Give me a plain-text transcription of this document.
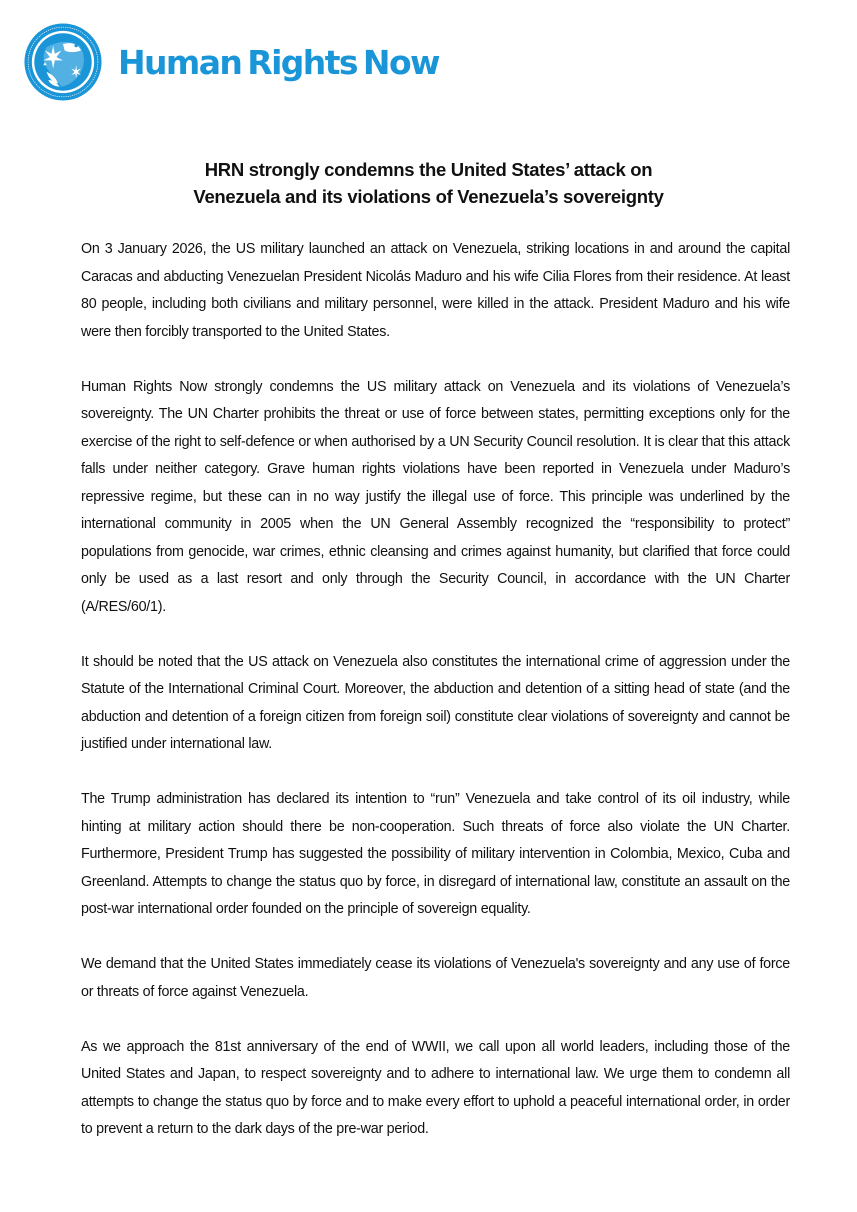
Human Rights Now
HRN strongly condemns the United States’ attack on
Venezuela and its violations of Venezuela’s sovereignty

On 3 January 2026, the US military launched an attack on Venezuela, striking locations in and around the capital Caracas and abducting Venezuelan President Nicolás Maduro and his wife Cilia Flores from their residence. At least 80 people, including both civilians and military personnel, were killed in the attack. President Maduro and his wife were then forcibly transported to the United States.

Human Rights Now strongly condemns the US military attack on Venezuela and its violations of Venezuela’s sovereignty. The UN Charter prohibits the threat or use of force between states, permitting exceptions only for the exercise of the right to self-defence or when authorised by a UN Security Council resolution. It is clear that this attack falls under neither category. Grave human rights violations have been reported in Venezuela under Maduro’s repressive regime, but these can in no way justify the illegal use of force. This principle was underlined by the international community in 2005 when the UN General Assembly recognized the “responsibility to protect” populations from genocide, war crimes, ethnic cleansing and crimes against humanity, but clarified that force could only be used as a last resort and only through the Security Council, in accordance with the UN Charter (A/RES/60/1).

It should be noted that the US attack on Venezuela also constitutes the international crime of aggression under the Statute of the International Criminal Court. Moreover, the abduction and detention of a sitting head of state (and the abduction and detention of a foreign citizen from foreign soil) constitute clear violations of sovereignty and cannot be justified under international law.

The Trump administration has declared its intention to “run” Venezuela and take control of its oil industry, while hinting at military action should there be non-cooperation. Such threats of force also violate the UN Charter. Furthermore, President Trump has suggested the possibility of military intervention in Colombia, Mexico, Cuba and Greenland. Attempts to change the status quo by force, in disregard of international law, constitute an assault on the post-war international order founded on the principle of sovereign equality.

We demand that the United States immediately cease its violations of Venezuela's sovereignty and any use of force or threats of force against Venezuela.

As we approach the 81st anniversary of the end of WWII, we call upon all world leaders, including those of the United States and Japan, to respect sovereignty and to adhere to international law. We urge them to condemn all attempts to change the status quo by force and to make every effort to uphold a peaceful international order, in order to prevent a return to the dark days of the pre-war period.
